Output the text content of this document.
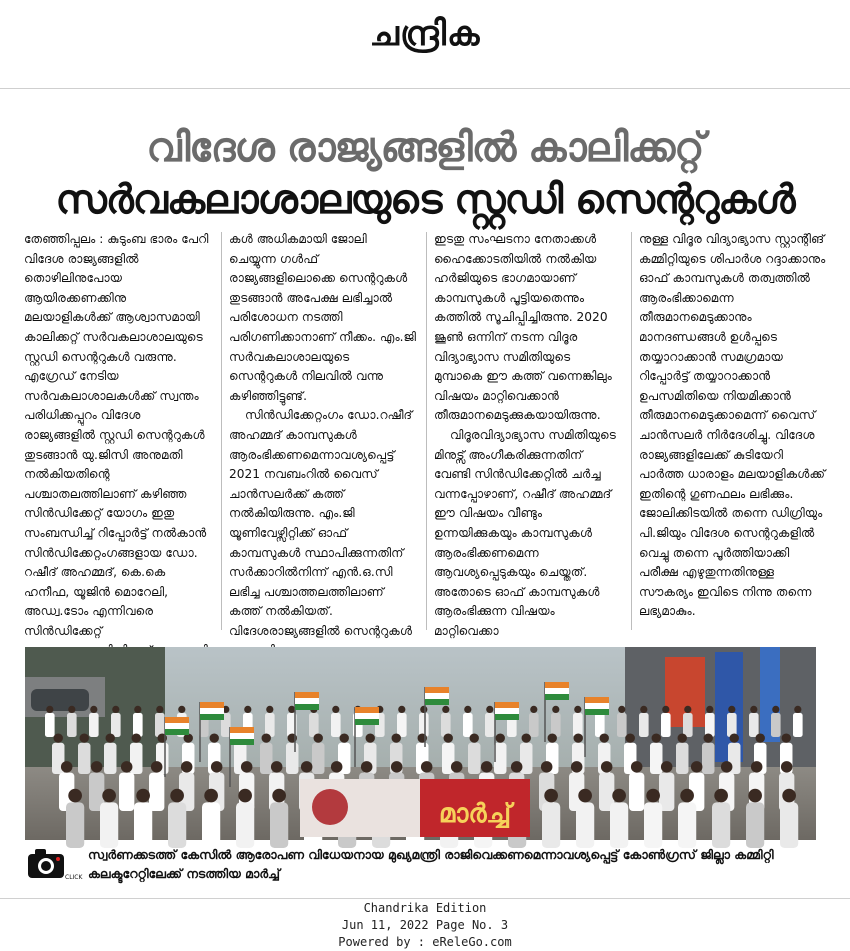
ചന്ദ്രിക
വിദേശ രാജ്യങ്ങളിൽ കാലിക്കറ്റ്
സർവകലാശാലയുടെ സ്റ്റഡി സെന്ററുകൾ

തേഞ്ഞിപ്പലം : കുടുംബ ഭാരം പേറി വിദേശ രാജ്യങ്ങളിൽ തൊഴിലിനുപോയ ആയിരക്കണക്കിനു മലയാളികൾക്ക് ആശ്വാസമായി കാലിക്കറ്റ് സർവകലാശാലയുടെ സ്റ്റഡി സെന്ററുകൾ വരുന്നു. എഗ്രേഡ് നേടിയ സർവകലാശാലകൾക്ക് സ്വന്തം പരിധിക്കപ്പുറം വിദേശ രാജ്യങ്ങളിൽ സ്റ്റഡി സെന്ററുകൾ തുടങ്ങാൻ യു.ജിസി അനുമതി നൽകിയതിന്റെ പശ്ചാതലത്തിലാണ് കഴിഞ്ഞ സിൻഡിക്കേറ്റ് യോഗം ഇതു സംബന്ധിച്ച് റിപ്പോർട്ട് നൽകാൻ സിൻഡിക്കേറ്റംഗങ്ങളായ ഡോ. റഷീദ് അഹമ്മദ്, കെ.കെ ഹനീഫ, യൂജിൻ മൊറേലി, അഡ്വ.ടോം എന്നിവരെ സിൻഡിക്കേറ്റ്

കൾ അധികമായി ജോലി ചെയ്യുന്ന ഗൾഫ് രാജ്യങ്ങളിലൊക്കെ സെന്ററുകൾ തുടങ്ങാൻ അപേക്ഷ ലഭിച്ചാൽ പരിശോധന നടത്തി പരിഗണിക്കാനാണ് നീക്കം. എം.ജി സർവകലാശാലയുടെ സെന്ററുകൾ നിലവിൽ വന്നു കഴിഞ്ഞിട്ടുണ്ട്.

സിൻഡിക്കേറ്റംഗം ഡോ.റഷീദ് അഹമ്മദ് കാമ്പസുകൾ ആരംഭിക്കണമെന്നാവശ്യപ്പെട്ട് 2021 നവബംറിൽ വൈസ് ചാൻസലർക്ക് കത്ത് നൽകിയിരുന്നു. എം.ജി യൂണിവേഴ്സിറ്റിക്ക് ഓഫ് കാമ്പസുകൾ സ്ഥാപിക്കുന്നതിന് സർക്കാറിൽനിന്ന് എൻ.ഒ.സി ലഭിച്ച പശ്ചാത്തലത്തിലാണ് കത്ത് നൽകിയത്. വിദേശരാജ്യങ്ങളിൽ സെന്ററുകൾ

ഇടതു സംഘടനാ നേതാക്കൾ ഹൈക്കോടതിയിൽ നൽകിയ ഹർജിയുടെ ഭാഗമായാണ് കാമ്പസുകൾ പൂട്ടിയതെന്നും കത്തിൽ സൂചിപ്പിച്ചിരുന്നു. 2020 ജൂൺ ഒന്നിന് നടന്ന വിദൂര വിദ്യാഭ്യാസ സമിതിയുടെ മുമ്പാകെ ഈ കത്ത് വന്നെങ്കിലും വിഷയം മാറ്റിവെക്കാൻ തീരുമാനമെടുക്കുകയായിരുന്നു.

വിദൂരവിദ്യാഭ്യാസ സമിതിയുടെ മിനുട്സ് അംഗീകരിക്കുന്നതിന് വേണ്ടി സിൻഡിക്കേറ്റിൽ ചർച്ച വന്നപ്പോഴാണ്, റഷീദ് അഹമ്മദ് ഈ വിഷയം വീണ്ടും ഉന്നയിക്കുകയും കാമ്പസുകൾ ആരംഭിക്കണമെന്ന ആവശ്യപ്പെടുകയും ചെയ്തത്. അതോടെ ഓഫ് കാമ്പസുകൾ ആരംഭിക്കുന്ന വിഷയം മാറ്റിവെക്കാ

നുള്ള വിദൂര വിദ്യാഭ്യാസ സ്റ്റാന്റിങ് കമ്മിറ്റിയുടെ ശിപാർശ റദ്ദാക്കാനും ഓഫ് കാമ്പസുകൾ തത്വത്തിൽ ആരംഭിക്കാമെന്ന തീരുമാനമെടുക്കാനും മാനദണ്ഡങ്ങൾ ഉൾപ്പടെ തയ്യാറാക്കാൻ സമഗ്രമായ റിപ്പോർട്ട് തയ്യാറാക്കാൻ ഉപസമിതിയെ നിയമിക്കാൻ തീരുമാനമെടുക്കാമെന്ന് വൈസ് ചാൻസലർ നിർദേശിച്ചു. വിദേശ രാജ്യങ്ങളിലേക്ക് കുടിയേറി പാർത്ത ധാരാളം മലയാളികൾക്ക് ഇതിന്റെ ഗുണഫലം ലഭിക്കും. ജോലിക്കിടയിൽ തന്നെ ഡിഗ്രിയും പി.ജിയും വിദേശ സെന്ററുകളിൽ വെച്ചു തന്നെ പൂർത്തിയാക്കി പരീക്ഷ എഴുതുന്നതിനുള്ള സൗകര്യം ഇവിടെ നിന്നു തന്നെ ലഭ്യമാകും.

മാർച്ച്
CLICK
സ്വർണക്കടത്ത് കേസിൽ ആരോപണ വിധേയനായ മുഖ്യമന്ത്രി രാജിവെക്കണമെന്നാവശ്യപ്പെട്ട് കോൺഗ്രസ് ജില്ലാ കമ്മിറ്റി കലക്ടറേറ്റിലേക്ക് നടത്തിയ മാർച്ച്
Chandrika Edition
Jun 11, 2022 Page No. 3
Powered by : eReleGo.com
